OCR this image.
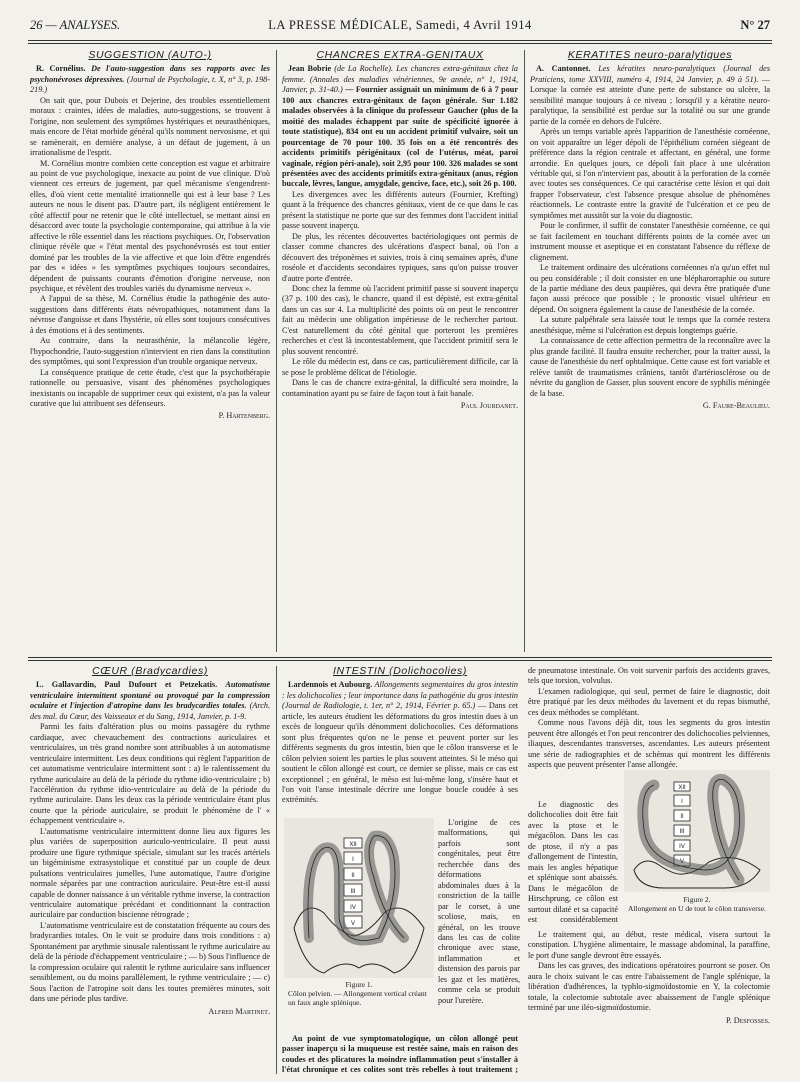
26 — ANALYSES.	LA PRESSE MÉDICALE, Samedi, 4 Avril 1914	N° 27
SUGGESTION (AUTO-)

R. Cornélius. De l'auto-suggestion dans ses rapports avec les psychonévroses dépressives. (Journal de Psychologie, t. X, n° 3, p. 198-219.)

On sait que, pour Dubois et Dejerine, des troubles essentiellement moraux : craintes, idées de maladies, auto-suggestions, se trouvent à l'origine, non seulement des symptômes hystériques et neurasthéniques, mais encore de l'état morbide général qu'ils nomment nervosisme, et qui se ramènerait, en dernière analyse, à un défaut de jugement, à un irrationalisme de l'esprit.

M. Cornélius montre combien cette conception est vague et arbitraire au point de vue psychologique, inexacte au point de vue clinique. D'où viennent ces erreurs de jugement, par quel mécanisme s'engendrent-elles, d'où vient cette mentalité irrationnelle qui est à leur base ? Les auteurs ne nous le disent pas. D'autre part, ils négligent entièrement le côté affectif pour ne retenir que le côté intellectuel, se mettant ainsi en désaccord avec toute la psychologie contemporaine, qui attribue à la vie affective le rôle essentiel dans les réactions psychiques. Or, l'observation clinique révèle que « l'état mental des psychonévrosés est tout entier dominé par les troubles de la vie affective et que loin d'être engendrés par des « idées » les symptômes psychiques toujours secondaires, dépendent de puissants courants d'émotion d'origine nerveuse, non psychique, et révèlent des troubles variés du dynamisme nerveux ».

A l'appui de sa thèse, M. Cornélius étudie la pathogénie des auto-suggestions dans différents états névropathiques, notamment dans la névrose d'angoisse et dans l'hystérie, où elles sont toujours consécutives à des émotions et à des sentiments.

Au contraire, dans la neurasthénie, la mélancolie légère, l'hypochondrie, l'auto-suggestion n'intervient en rien dans la constitution des symptômes, qui sont l'expression d'un trouble organique nerveux.

La conséquence pratique de cette étude, c'est que la psychothérapie rationnelle ou persuasive, visant des phénomènes psychologiques inexistants ou incapable de supprimer ceux qui existent, n'a pas la valeur curative que lui attribuent ses défenseurs.

P. Hartenberg.
CHANCRES EXTRA-GÉNITAUX

Jean Bobrie (de La Rochelle). Les chancres extra-génitaux chez la femme. (Annales des maladies vénériennes, 9e année, n° 1, 1914, Janvier, p. 31-40.) — Fournier assignait un minimum de 6 à 7 pour 100 aux chancres extra-génitaux de façon générale. Sur 1.182 malades observées à la clinique du professeur Gaucher (plus de la moitié des malades échappent par suite de spécificité ignorée à toute statistique), 834 ont eu un accident primitif vulvaire, soit un pourcentage de 70 pour 100. 35 fois on a été rencontrés des accidents primitifs périgénitaux (col de l'utérus, méat, paroi vaginale, région péri-anale), soit 2,95 pour 100. 326 malades se sont présentées avec des accidents primitifs extra-génitaux (anus, région buccale, lèvres, langue, amygdale, gencive, face, etc.), soit 26 p. 100.

Les divergences avec les différents auteurs (Fournier, Krefting) quant à la fréquence des chancres génitaux, vient de ce que dans le cas présent la statistique ne porte que sur des femmes dont l'accident initial passe souvent inaperçu.

De plus, les récentes découvertes bactériologiques ont permis de classer comme chancres des ulcérations d'aspect banal, où l'on a découvert des tréponèmes et suivies, trois à cinq semaines après, d'une roséole et d'accidents secondaires typiques, sans qu'on puisse trouver d'autre porte d'entrée.

Donc chez la femme où l'accident primitif passe si souvent inaperçu (37 p. 100 des cas), le chancre, quand il est dépisté, est extra-génital dans un cas sur 4. La multiplicité des points où on peut le rencontrer fait au médecin une obligation impérieuse de le rechercher partout. C'est naturellement du côté génital que porteront les premières recherches et c'est là incontestablement, que l'accident primitif sera le plus souvent rencontré.

Le rôle du médecin est, dans ce cas, particulièrement difficile, car là se pose le problème délicat de l'étiologie.

Dans le cas de chancre extra-génital, la difficulté sera moindre, la contamination ayant pu se faire de façon tout à fait banale.

Paul Jourdanet.
KÉRATITES neuro-paralytiques

A. Cantonnet. Les kératites neuro-paralytiques (Journal des Praticiens, tome XXVIII, numéro 4, 1914, 24 Janvier, p. 49 à 51). — Lorsque la cornée est atteinte d'une perte de substance ou ulcère, la sensibilité manque toujours à ce niveau ; lorsqu'il y a kératite neuro-paralytique, la sensibilité est perdue sur la totalité ou sur une grande partie de la cornée en dehors de l'ulcère.

Après un temps variable après l'apparition de l'anesthésie cornéenne, on voit apparaître un léger dépoli de l'épithélium cornéen siégeant de préférence dans la région centrale et affectant, en général, une forme arrondie. En quelques jours, ce dépoli fait place à une ulcération véritable qui, si l'on n'intervient pas, aboutit à la perforation de la cornée avec toutes ses conséquences. Ce qui caractérise cette lésion et qui doit frapper l'observateur, c'est l'absence presque absolue de phénomènes réactionnels. Le contraste entre la gravité de l'ulcération et ce peu de symptômes met aussitôt sur la voie du diagnostic.

Pour le confirmer, il suffit de constater l'anesthésie cornéenne, ce qui se fait facilement en touchant différents points de la cornée avec un instrument mousse et aseptique et en constatant l'absence du réflexe de clignement.

Le traitement ordinaire des ulcérations cornéennes n'a qu'un effet nul ou peu considérable ; il doit consister en une blépharorraphie ou suture de la partie médiane des deux paupières, qui devra être pratiquée d'une façon aussi précoce que possible ; le pronostic visuel ultérieur en dépend. On soignera également la cause de l'anesthésie de la cornée.

La suture palpébrale sera laissée tout le temps que la cornée restera anesthésique, même si l'ulcération est depuis longtemps guérie.

La connaissance de cette affection permettra de la reconnaître avec la plus grande facilité. Il faudra ensuite rechercher, pour la traiter aussi, la cause de l'anesthésie du nerf ophtalmique. Cette cause est fort variable et relève tantôt de traumatismes crâniens, tantôt d'artériosclérose ou de névrite du ganglion de Gasser, plus souvent encore de syphilis méningée de la base.

G. Faure-Beaulieu.
CŒUR (Bradycardies)

L. Gallavardin, Paul Dufourt et Petzekatis. Automatisme ventriculaire intermittent spontané ou provoqué par la compression oculaire et l'injection d'atropine dans les bradycardies totales. (Arch. des mal. du Cœur, des Vaisseaux et du Sang, 1914, Janvier, p. 1-9.

Parmi les faits d'altération plus ou moins passagère du rythme cardiaque, avec chevauchement des contractions auriculaires et ventriculaires, un très grand nombre sont attribuables à un automatisme ventriculaire intermittent. Les deux conditions qui règlent l'apparition de cet automatisme ventriculaire intermittent sont : a) le ralentissement du rythme auriculaire au delà de la période du rythme idio-ventriculaire ; b) l'accélération du rythme idio-ventriculaire au delà de la période du rythme auriculaire. Dans les deux cas la période ventriculaire étant plus courte que la période auriculaire, se produit le phénomène de l' « échappement ventriculaire ».

L'automatisme ventriculaire intermittent donne lieu aux figures les plus variées de superposition auriculo-ventriculaire. Il peut aussi produire une figure rythmique spéciale, simulant sur les tracés artériels un bigéminisme extrasystolique et constitué par un couple de deux pulsations ventriculaires jumelles, l'une automatique, l'autre d'origine normale séparées par une contraction auriculaire. Peut-être est-il aussi capable de donner naissance à un véritable rythme inverse, la contraction ventriculaire automatique précédant et conditionnant la contraction auriculaire par conduction biscienne rétrograde ;

L'automatisme ventriculaire est de constatation fréquente au cours des bradycardies totales. On le voit se produire dans trois conditions : a) Spontanément par arythmie sinusale ralentissant le rythme auriculaire au delà de la période d'échappement ventriculaire ; — b) Sous l'influence de la compression oculaire qui ralentit le rythme auriculaire sans influencer sensiblement, ou du moins parallèlement, le rythme ventriculaire ; — c) Sous l'action de l'atropine soit dans les toutes premières minutes, soit dans une période plus tardive.

Alfred Martinet.
INTESTIN (Dolichocolies)

Lardennois et Aubourg. Allongements segmentaires du gros intestin : les dolichocolies ; leur importance dans la pathogénie du gros intestin (Journal de Radiologie, t. 1er, n° 2, 1914, Février p. 65.) — Dans cet article, les auteurs étudient les déformations du gros intestin dues à un excès de longueur qu'ils dénomment dolichocolies. Ces déformations sont plus fréquentes qu'on ne le pense et peuvent porter sur les différents segments du gros intestin, bien que le côlon transverse et le côlon pelvien soient les parties le plus souvent atteintes. Si le méso qui soutient le côlon allongé est court, ce dernier se plisse, mais ce cas est exceptionnel ; en général, le méso est lui-même long, s'insère haut et l'on voit l'anse intestinale décrire une longue boucle coudée à ses extrémités.

XII
I
II
III
IV
V
Figure 1.
Côlon pelvien. — Allongement vertical créant un faux angle splénique.

L'origine de ces malformations, qui parfois sont congénitales, peut être recherchée dans des déformations abdominales dues à la constriction de la taille par le corset, à une scoliose, mais, en général, on les trouve dans les cas de colite chronique avec stase, inflammation et distension des parois par les gaz et les matières, comme cela se produit pour l'uretère.

Au point de vue symptomatologique, un côlon allongé peut passer inaperçu si la muqueuse est restée saine, mais en raison des coudes et des plicatures la moindre inflammation peut s'installer à l'état chronique et ces colites sont très rebelles à tout traitement ;

de pneumatose intestinale. On voit survenir parfois des accidents graves, tels que torsion, volvulus.

L'examen radiologique, qui seul, permet de faire le diagnostic, doit être pratiqué par les deux méthodes du lavement et du repas bismuthé, ces deux méthodes se complétant.

Comme nous l'avons déjà dit, tous les segments du gros intestin peuvent être allongés et l'on peut rencontrer des dolichocolies pelviennes, iliaques, descendantes transverses, ascendantes. Les auteurs présentent une série de radiographies et de schémas qui montrent les différents aspects que peuvent présenter l'anse allongée.

Le diagnostic des dolichocolies doit être fait avec la ptose et le mégacôlon. Dans les cas de ptose, il n'y a pas d'allongement de l'intestin, mais les angles hépatique et splénique sont abaissés. Dans le mégacôlon de Hirschprung, ce côlon est surtout dilaté et sa capacité est considérablement

XII
I
II
III
IV
V
Figure 2.
Allongement en U de tout le côlon transverse.

Le traitement qui, au début, reste médical, visera surtout la constipation. L'hygiène alimentaire, le massage abdominal, la paraffine, le port d'une sangle devront être essayés.

Dans les cas graves, des indications opératoires pourront se poser. On aura le choix suivant le cas entre l'abaissement de l'angle splénique, la libération d'adhérences, la typhlo-sigmoïdostomie en Y, la colectomie totale, la colectomie subtotale avec abaissement de l'angle splénique terminé par une iléo-sigmoïdostomie.

P. Desfosses.
